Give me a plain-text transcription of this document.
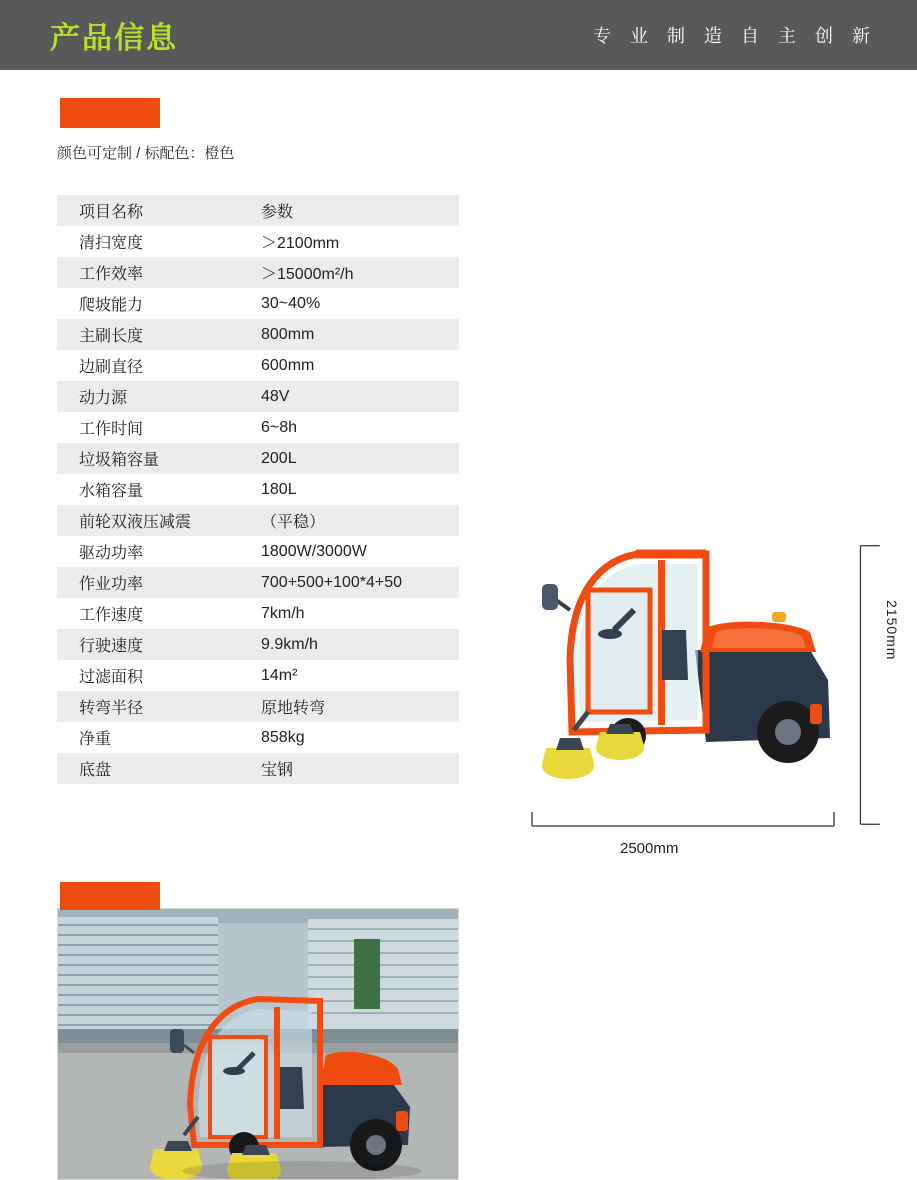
产品信息	专 业 制 造 自 主 创 新
颜色可定制 / 标配色：橙色
项目名称	参数
清扫宽度	＞2100mm
工作效率	＞15000m²/h
爬坡能力	30~40%
主刷长度	800mm
边刷直径	600mm
动力源	48V
工作时间	6~8h
垃圾箱容量	200L
水箱容量	180L
前轮双液压减震	（平稳）
驱动功率	1800W/3000W
作业功率	700+500+100*4+50
工作速度	7km/h
行驶速度	9.9km/h
过滤面积	14m²
转弯半径	原地转弯
净重	858kg
底盘	宝钢
2150mm
2500mm
